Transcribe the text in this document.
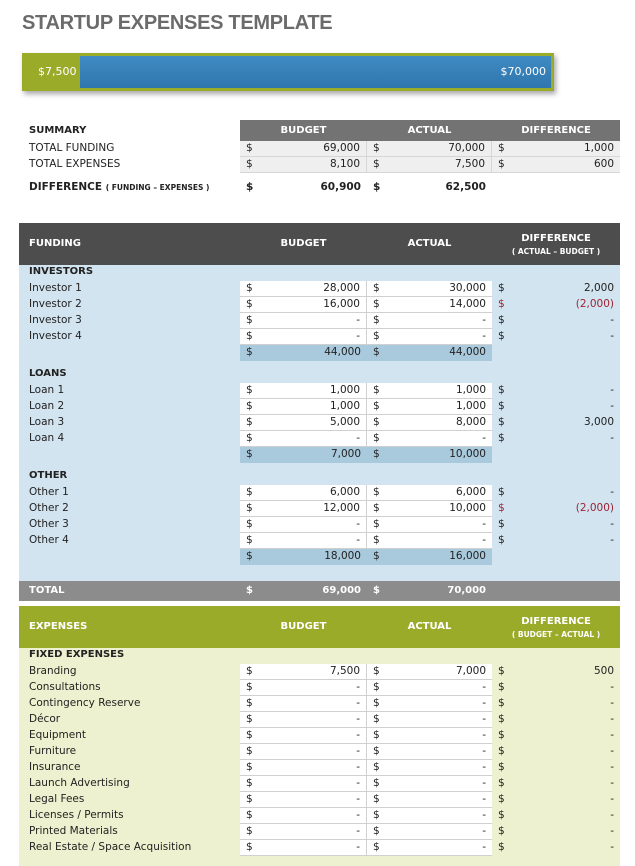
STARTUP EXPENSES TEMPLATE
$7,500	$70,000
SUMMARY	BUDGET	ACTUAL	DIFFERENCE
TOTAL FUNDING	$	69,000 $	70,000 $	1,000
TOTAL EXPENSES	$	8,100 $	7,500 $	600
DIFFERENCE ( FUNDING – EXPENSES )	$	60,900 $	62,500
FUNDING	BUDGET	ACTUAL	DIFFERENCE
( ACTUAL – BUDGET )
INVESTORS
Investor 1	$	28,000 $	30,000 $	2,000
Investor 2	$	16,000 $	14,000 $	(2,000)
Investor 3	$	- $	- $	-
Investor 4	$	- $	- $	-
$	44,000 $	44,000
LOANS
Loan 1	$	1,000 $	1,000 $	-
Loan 2	$	1,000 $	1,000 $	-
Loan 3	$	5,000 $	8,000 $	3,000
Loan 4	$	- $	- $	-
$	7,000 $	10,000
OTHER
Other 1	$	6,000 $	6,000 $	-
Other 2	$	12,000 $	10,000 $	(2,000)
Other 3	$	- $	- $	-
Other 4	$	- $	- $	-
$	18,000 $	16,000
TOTAL	$	69,000 $	70,000
EXPENSES	BUDGET	ACTUAL	DIFFERENCE
( BUDGET – ACTUAL )
FIXED EXPENSES
Branding	$	7,500 $	7,000 $	500
Consultations	$	- $	- $	-
Contingency Reserve	$	- $	- $	-
Décor	$	- $	- $	-
Equipment	$	- $	- $	-
Furniture	$	- $	- $	-
Insurance	$	- $	- $	-
Launch Advertising	$	- $	- $	-
Legal Fees	$	- $	- $	-
Licenses / Permits	$	- $	- $	-
Printed Materials	$	- $	- $	-
Real Estate / Space Acquisition	$	- $	- $	-
